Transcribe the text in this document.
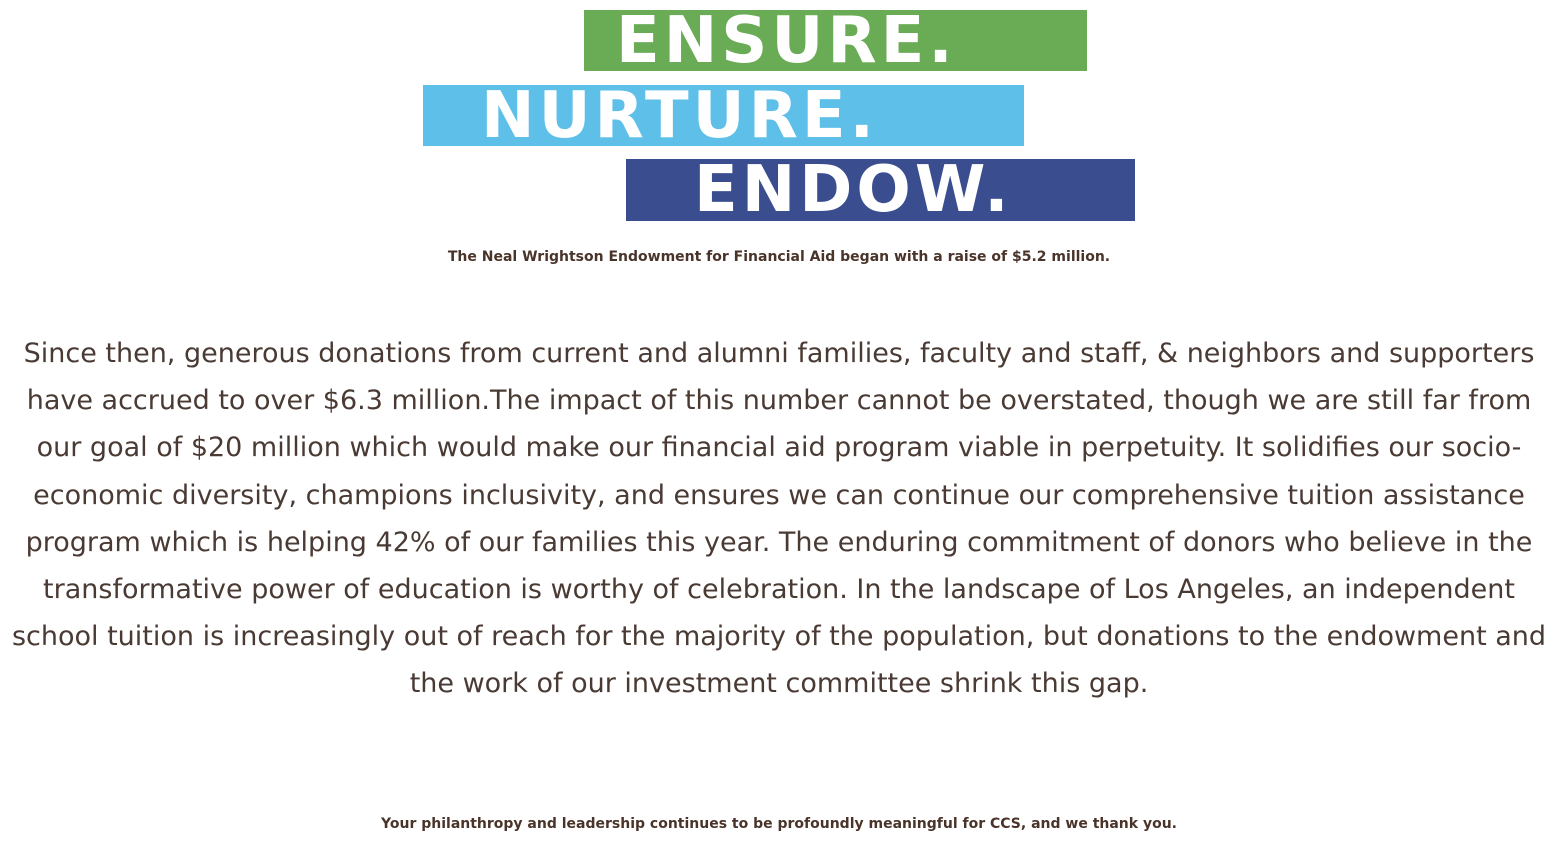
ENSURE.
NURTURE.
ENDOW.
The Neal Wrightson Endowment for Financial Aid began with a raise of $5.2 million.
Since then, generous donations from current and alumni families, faculty and staff, & neighbors and supporters have accrued to over $6.3 million.The impact of this number cannot be overstated, though we are still far from our goal of $20 million which would make our financial aid program viable in perpetuity. It solidifies our socio-economic diversity, champions inclusivity, and ensures we can continue our comprehensive tuition assistance program which is helping 42% of our families this year. The enduring commitment of donors who believe in the transformative power of education is worthy of celebration. In the landscape of Los Angeles, an independent school tuition is increasingly out of reach for the majority of the population, but donations to the endowment and the work of our investment committee shrink this gap.
Your philanthropy and leadership continues to be profoundly meaningful for CCS, and we thank you.
